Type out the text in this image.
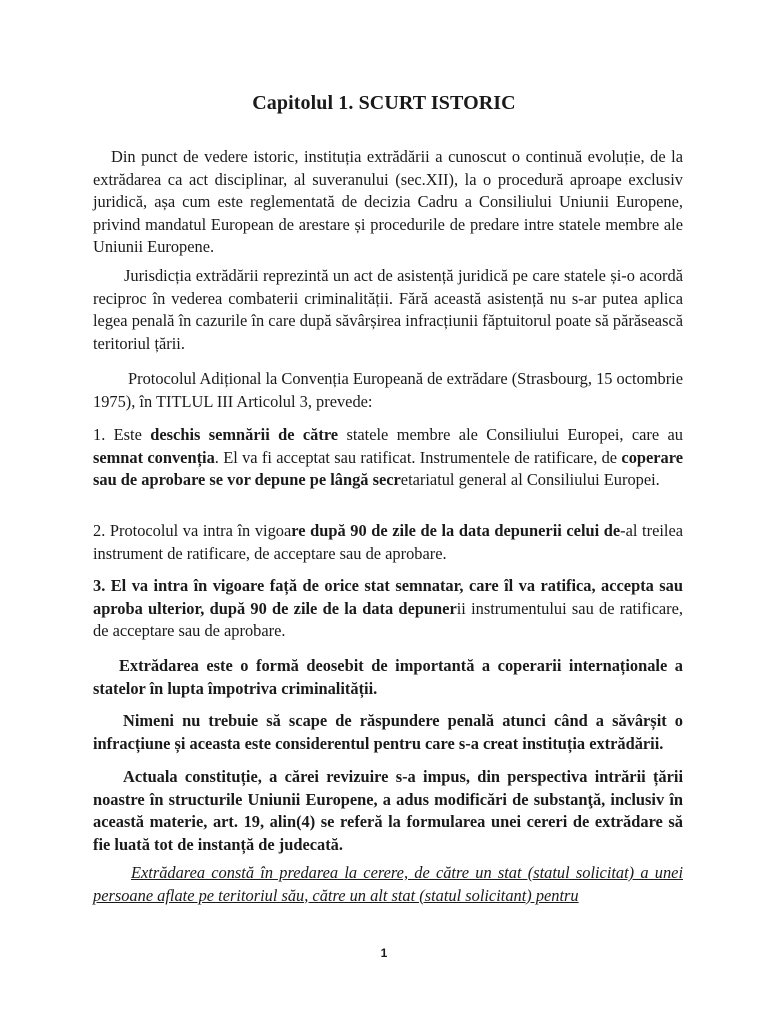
Capitolul 1. SCURT ISTORIC
Din punct de vedere istoric, instituția extrădării a cunoscut o continuă evoluție, de la extrădarea ca act disciplinar, al suveranului (sec.XII), la o procedură aproape exclusiv juridică, așa cum este reglementată de decizia Cadru a Consiliului Uniunii Europene, privind mandatul European de arestare și procedurile de predare intre statele membre ale Uniunii Europene.
Jurisdicția extrădării reprezintă un act de asistență juridică pe care statele și-o acordă reciproc în vederea combaterii criminalității. Fără această asistență nu s-ar putea aplica legea penală în cazurile în care după săvârșirea infracțiunii făptuitorul poate să părăsească teritoriul țării.
Protocolul Adițional la Convenția Europeană de extrădare (Strasbourg, 15 octombrie 1975), în TITLUL III Articolul 3, prevede:
1. Este deschis semnării de către statele membre ale Consiliului Europei, care au semnat convenția. El va fi acceptat sau ratificat. Instrumentele de ratificare, de coperare sau de aprobare se vor depune pe lângă secretariatul general al Consiliului Europei.
2. Protocolul va intra în vigoare după 90 de zile de la data depunerii celui de-al treilea instrument de ratificare, de acceptare sau de aprobare.
3. El va intra în vigoare față de orice stat semnatar, care îl va ratifica, accepta sau aproba ulterior, după 90 de zile de la data depunerii instrumentului sau de ratificare, de acceptare sau de aprobare.
Extrădarea este o formă deosebit de importantă a coperarii internaționale a statelor în lupta împotriva criminalității.
Nimeni nu trebuie să scape de răspundere penală atunci când a săvârșit o infracțiune și aceasta este considerentul pentru care s-a creat instituția extrădării.
Actuala constituție, a cărei revizuire s-a impus, din perspectiva intrării țării noastre în structurile Uniunii Europene, a adus modificări de substanţă, inclusiv în această materie, art. 19, alin(4) se referă la formularea unei cereri de extrădare să fie luată tot de instanță de judecată.
Extrădarea constă în predarea la cerere, de către un stat (statul solicitat) a unei persoane aflate pe teritoriul său, către un alt stat (statul solicitant) pentru
1
